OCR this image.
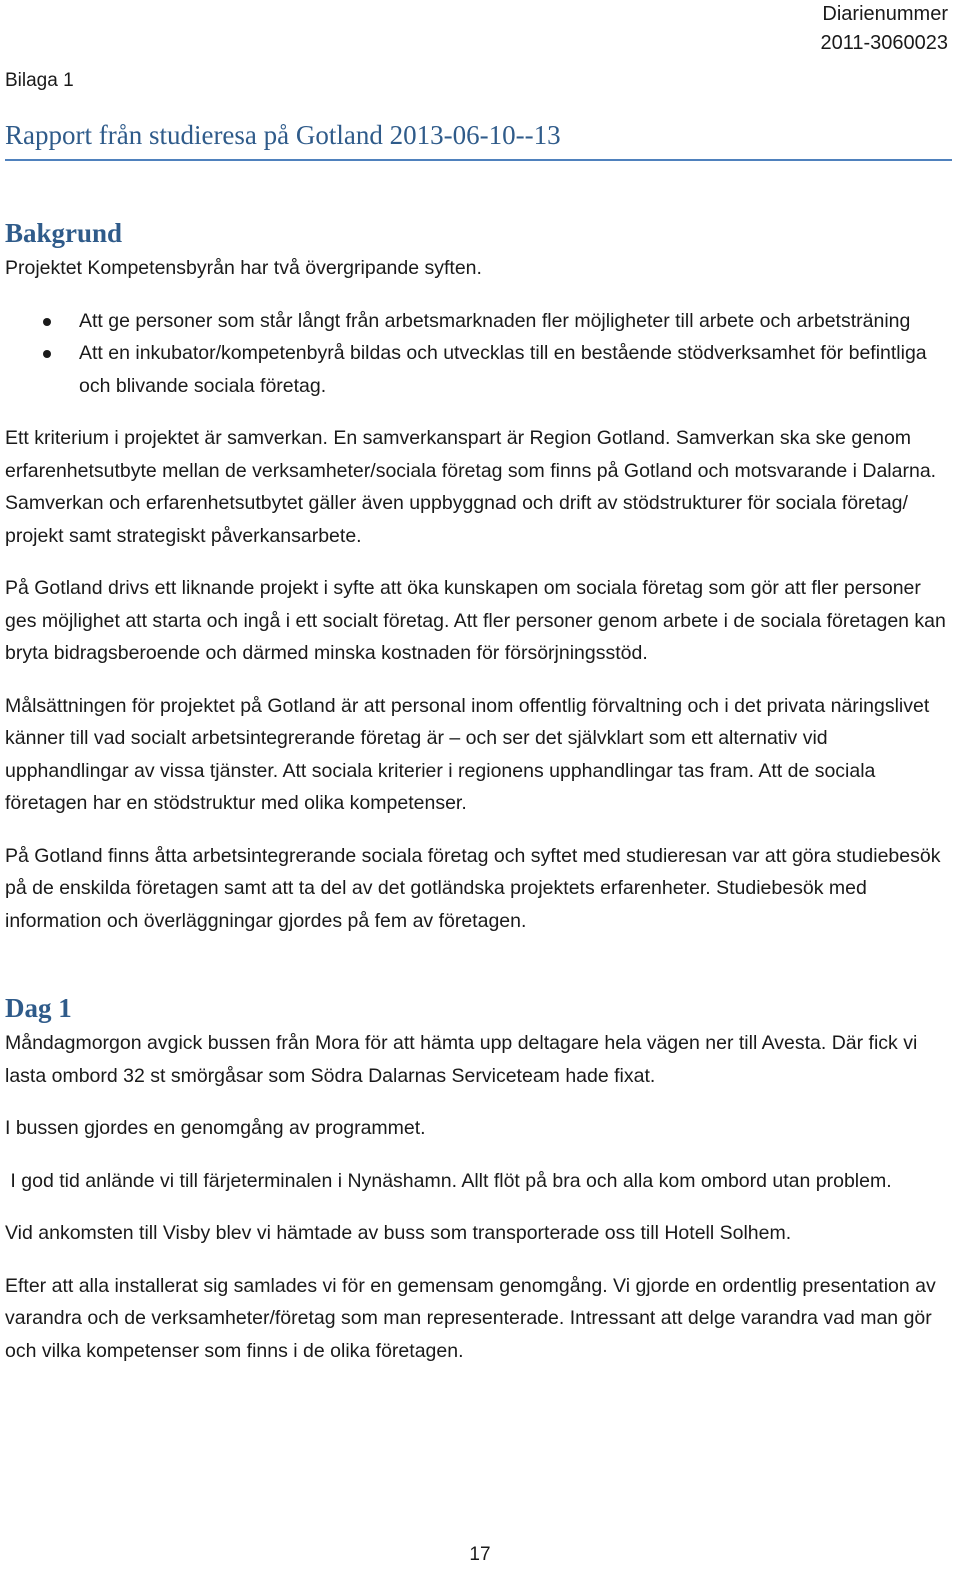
Diarienummer
2011-3060023
Bilaga 1
Rapport från studieresa på Gotland 2013-06-10--13
Bakgrund

Projektet Kompetensbyrån har två övergripande syften.

Att ge personer som står långt från arbetsmarknaden fler möjligheter till arbete och arbetsträning
Att en inkubator/kompetenbyrå bildas och utvecklas till en bestående stödverksamhet för befintliga och blivande sociala företag.

Ett kriterium i projektet är samverkan. En samverkanspart är Region Gotland. Samverkan ska ske genom erfarenhetsutbyte mellan de verksamheter/sociala företag som finns på Gotland och motsvarande i Dalarna. Samverkan och erfarenhetsutbytet gäller även uppbyggnad och drift av stödstrukturer för sociala företag/ projekt samt strategiskt påverkansarbete.

På Gotland drivs ett liknande projekt i syfte att öka kunskapen om sociala företag som gör att fler personer ges möjlighet att starta och ingå i ett socialt företag. Att fler personer genom arbete i de sociala företagen kan bryta bidragsberoende och därmed minska kostnaden för försörjningsstöd.

Målsättningen för projektet på Gotland är att personal inom offentlig förvaltning och i det privata näringslivet känner till vad socialt arbetsintegrerande företag är – och ser det självklart som ett alternativ vid upphandlingar av vissa tjänster. Att sociala kriterier i regionens upphandlingar tas fram. Att de sociala företagen har en stödstruktur med olika kompetenser.

På Gotland finns åtta arbetsintegrerande sociala företag och syftet med studieresan var att göra studiebesök på de enskilda företagen samt att ta del av det gotländska projektets erfarenheter. Studiebesök med information och överläggningar gjordes på fem av företagen.

Dag 1

Måndagmorgon avgick bussen från Mora för att hämta upp deltagare hela vägen ner till Avesta. Där fick vi lasta ombord 32 st smörgåsar som Södra Dalarnas Serviceteam hade fixat.

I bussen gjordes en genomgång av programmet.

I god tid anlände vi till färjeterminalen i Nynäshamn. Allt flöt på bra och alla kom ombord utan problem.

Vid ankomsten till Visby blev vi hämtade av buss som transporterade oss till Hotell Solhem.

Efter att alla installerat sig samlades vi för en gemensam genomgång. Vi gjorde en ordentlig presentation av varandra och de verksamheter/företag som man representerade. Intressant att delge varandra vad man gör och vilka kompetenser som finns i de olika företagen.

17
